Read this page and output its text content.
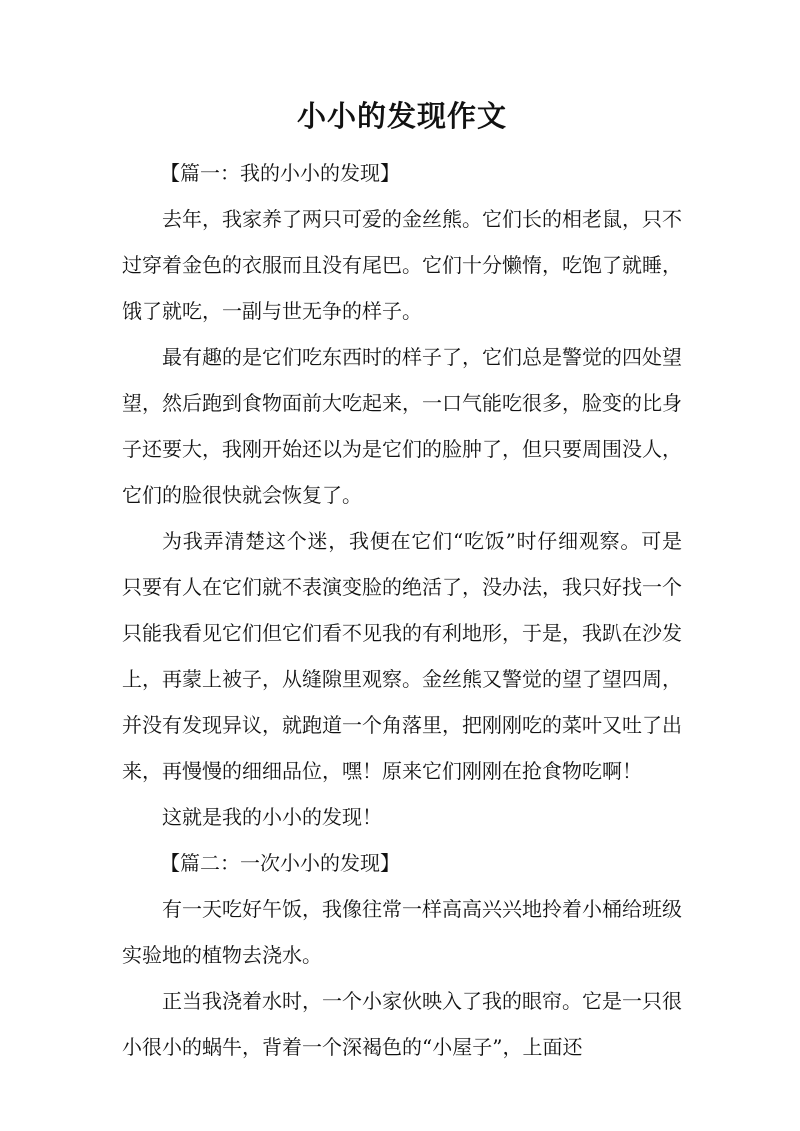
小小的发现作文

【篇一：我的小小的发现】

去年，我家养了两只可爱的金丝熊。它们长的相老鼠，只不过穿着金色的衣服而且没有尾巴。它们十分懒惰，吃饱了就睡，饿了就吃，一副与世无争的样子。

最有趣的是它们吃东西时的样子了，它们总是警觉的四处望望，然后跑到食物面前大吃起来，一口气能吃很多，脸变的比身子还要大，我刚开始还以为是它们的脸肿了，但只要周围没人，它们的脸很快就会恢复了。

为我弄清楚这个迷，我便在它们“吃饭”时仔细观察。可是只要有人在它们就不表演变脸的绝活了，没办法，我只好找一个只能我看见它们但它们看不见我的有利地形，于是，我趴在沙发上，再蒙上被子，从缝隙里观察。金丝熊又警觉的望了望四周，并没有发现异议，就跑道一个角落里，把刚刚吃的菜叶又吐了出来，再慢慢的细细品位，嘿！原来它们刚刚在抢食物吃啊！

这就是我的小小的发现！

【篇二：一次小小的发现】

有一天吃好午饭，我像往常一样高高兴兴地拎着小桶给班级实验地的植物去浇水。

正当我浇着水时，一个小家伙映入了我的眼帘。它是一只很小很小的蜗牛，背着一个深褐色的“小屋子”，上面还
